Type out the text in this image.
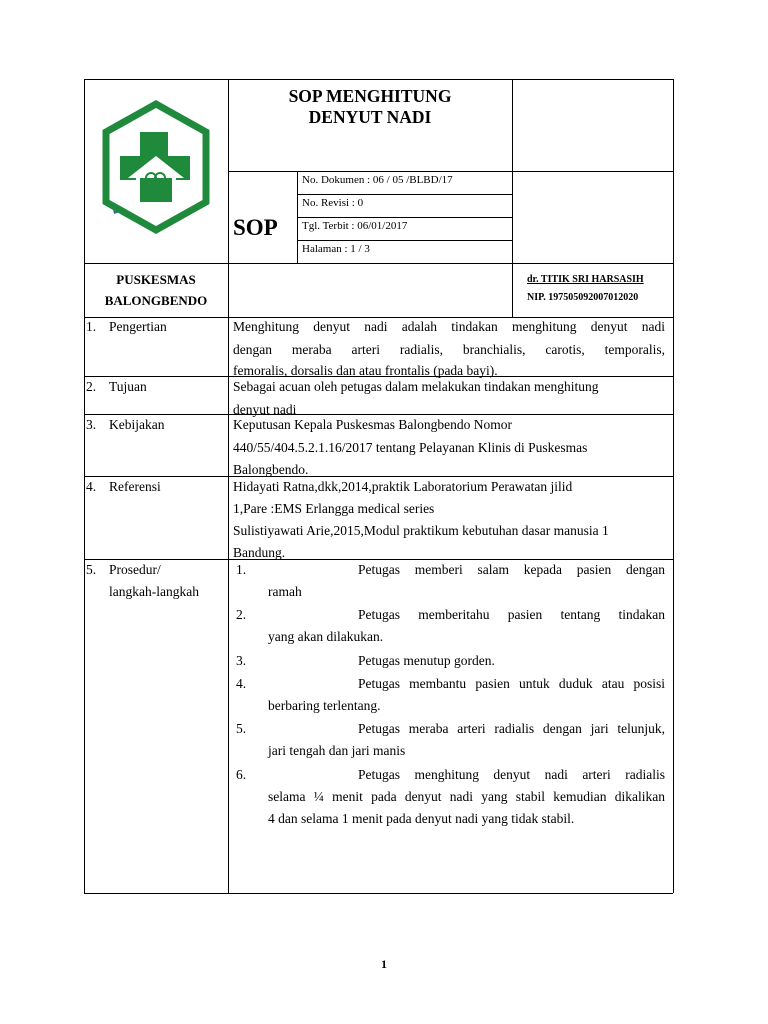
SOP MENGHITUNG
DENYUT NADI
SOP
No. Dokumen : 06 / 05 /BLBD/17
No. Revisi : 0
Tgl. Terbit : 06/01/2017
Halaman : 1 / 3
PUSKESMAS
BALONGBENDO
dr. TITIK SRI HARSASIH
NIP. 197505092007012020
1. Pengertian	Menghitung denyut nadi adalah tindakan menghitung denyut nadi
dengan meraba arteri radialis, branchialis, carotis, temporalis,
femoralis, dorsalis dan atau frontalis (pada bayi).
2. Tujuan	Sebagai acuan oleh petugas dalam melakukan tindakan menghitung
denyut nadi
3. Kebijakan	Keputusan Kepala Puskesmas Balongbendo Nomor
440/55/404.5.2.1.16/2017 tentang Pelayanan Klinis di Puskesmas
Balongbendo.
4. Referensi	Hidayati Ratna,dkk,2014,praktik Laboratorium Perawatan jilid
1,Pare :EMS Erlangga medical series
Sulistiyawati Arie,2015,Modul praktikum kebutuhan dasar manusia 1
Bandung.
5. Prosedur/
langkah-langkah
1.	Petugas memberi salam kepada pasien dengan
ramah
2.	Petugas memberitahu pasien tentang tindakan
yang akan dilakukan.
3.	Petugas menutup gorden.
4.	Petugas membantu pasien untuk duduk atau posisi
berbaring terlentang.
5.	Petugas meraba arteri radialis dengan jari telunjuk,
jari tengah dan jari manis
6.	Petugas menghitung denyut nadi arteri radialis
selama ¼ menit pada denyut nadi yang stabil kemudian dikalikan
4 dan selama 1 menit pada denyut nadi yang tidak stabil.
1
